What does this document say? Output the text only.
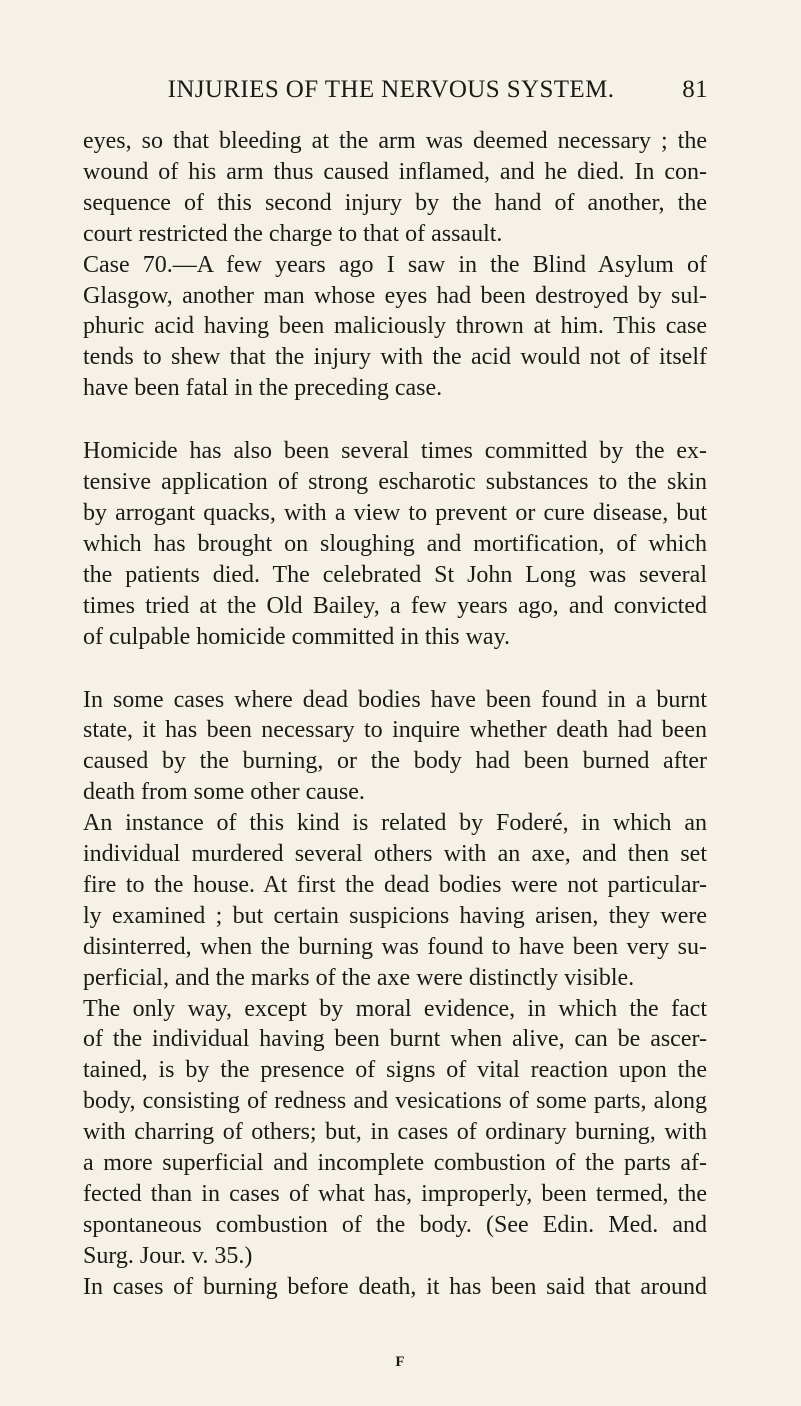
INJURIES OF THE NERVOUS SYSTEM.	81

eyes, so that bleeding at the arm was deemed necessary ; the

wound of his arm thus caused inflamed, and he died. In con-

sequence of this second injury by the hand of another, the

court restricted the charge to that of assault.

Case 70.—A few years ago I saw in the Blind Asylum of

Glasgow, another man whose eyes had been destroyed by sul-

phuric acid having been maliciously thrown at him. This case

tends to shew that the injury with the acid would not of itself

have been fatal in the preceding case.

Homicide has also been several times committed by the ex-

tensive application of strong escharotic substances to the skin

by arrogant quacks, with a view to prevent or cure disease, but

which has brought on sloughing and mortification, of which

the patients died. The celebrated St John Long was several

times tried at the Old Bailey, a few years ago, and convicted

of culpable homicide committed in this way.

In some cases where dead bodies have been found in a burnt

state, it has been necessary to inquire whether death had been

caused by the burning, or the body had been burned after

death from some other cause.

An instance of this kind is related by Foderé, in which an

individual murdered several others with an axe, and then set

fire to the house. At first the dead bodies were not particular-

ly examined ; but certain suspicions having arisen, they were

disinterred, when the burning was found to have been very su-

perficial, and the marks of the axe were distinctly visible.

The only way, except by moral evidence, in which the fact

of the individual having been burnt when alive, can be ascer-

tained, is by the presence of signs of vital reaction upon the

body, consisting of redness and vesications of some parts, along

with charring of others; but, in cases of ordinary burning, with

a more superficial and incomplete combustion of the parts af-

fected than in cases of what has, improperly, been termed, the

spontaneous combustion of the body. (See Edin. Med. and

Surg. Jour. v. 35.)

In cases of burning before death, it has been said that around

F
